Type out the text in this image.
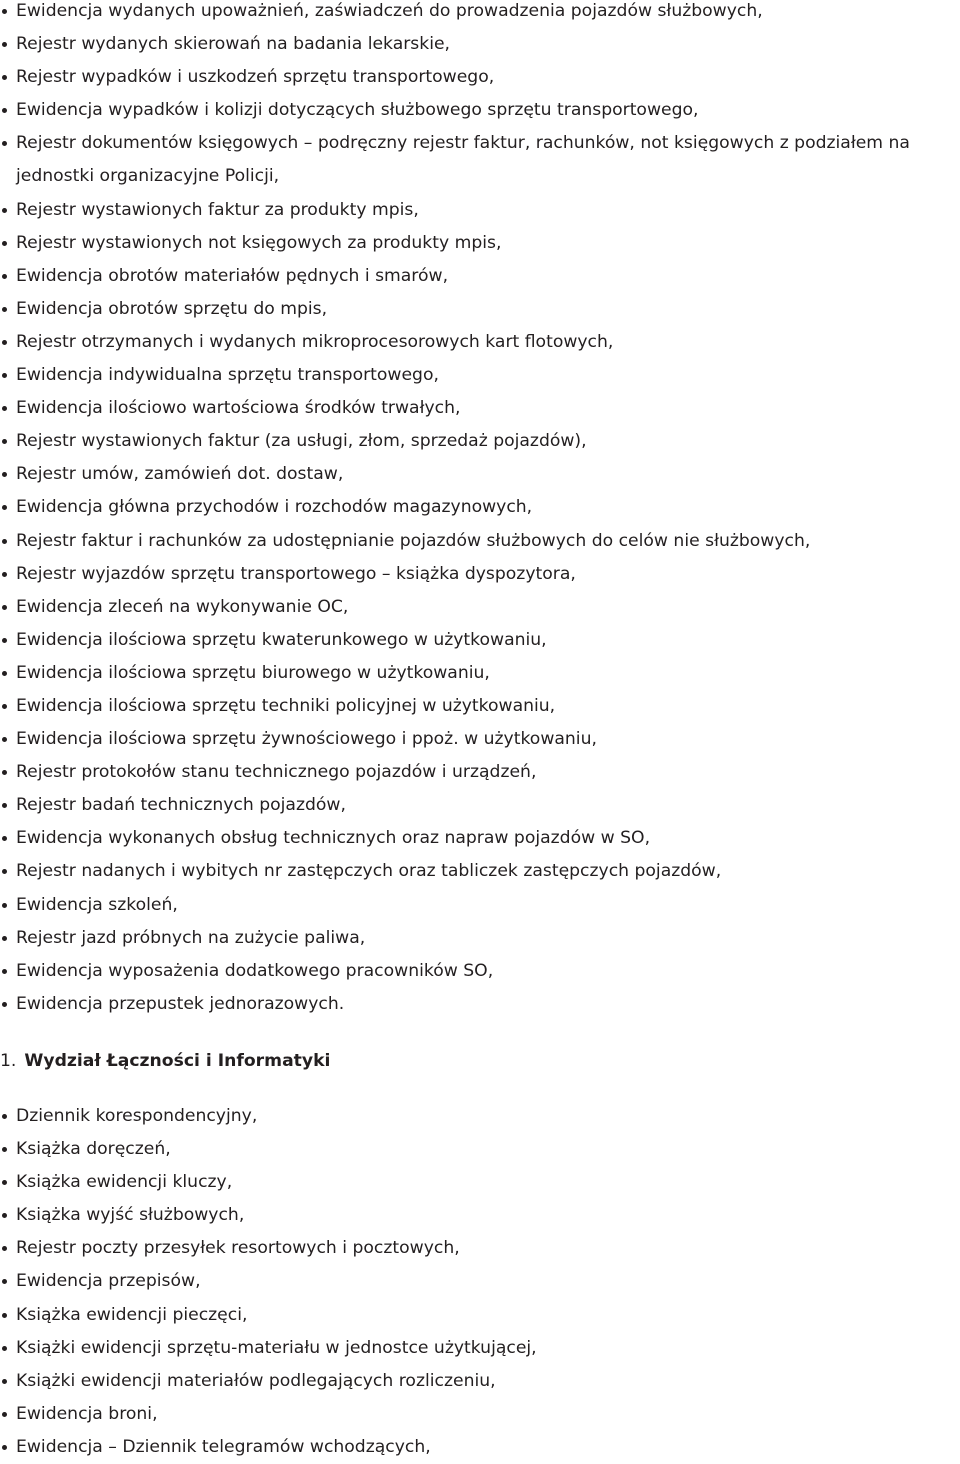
Ewidencja wydanych upoważnień, zaświadczeń do prowadzenia pojazdów służbowych,
Rejestr wydanych skierowań na badania lekarskie,
Rejestr wypadków i uszkodzeń sprzętu transportowego,
Ewidencja wypadków i kolizji dotyczących służbowego sprzętu transportowego,
Rejestr dokumentów księgowych – podręczny rejestr faktur, rachunków, not księgowych z podziałem na jednostki organizacyjne Policji,
Rejestr wystawionych faktur za produkty mpis,
Rejestr wystawionych not księgowych za produkty mpis,
Ewidencja obrotów materiałów pędnych i smarów,
Ewidencja obrotów sprzętu do mpis,
Rejestr otrzymanych i wydanych mikroprocesorowych kart flotowych,
Ewidencja indywidualna sprzętu transportowego,
Ewidencja ilościowo wartościowa środków trwałych,
Rejestr wystawionych faktur (za usługi, złom, sprzedaż pojazdów),
Rejestr umów, zamówień dot. dostaw,
Ewidencja główna przychodów i rozchodów magazynowych,
Rejestr faktur i rachunków za udostępnianie pojazdów służbowych do celów nie służbowych,
Rejestr wyjazdów sprzętu transportowego – książka dyspozytora,
Ewidencja zleceń na wykonywanie OC,
Ewidencja ilościowa sprzętu kwaterunkowego w użytkowaniu,
Ewidencja ilościowa sprzętu biurowego w użytkowaniu,
Ewidencja ilościowa sprzętu techniki policyjnej w użytkowaniu,
Ewidencja ilościowa sprzętu żywnościowego i ppoż. w użytkowaniu,
Rejestr protokołów stanu technicznego pojazdów i urządzeń,
Rejestr badań technicznych pojazdów,
Ewidencja wykonanych obsług technicznych oraz napraw pojazdów w SO,
Rejestr nadanych i wybitych nr zastępczych oraz tabliczek zastępczych pojazdów,
Ewidencja szkoleń,
Rejestr jazd próbnych na zużycie paliwa,
Ewidencja wyposażenia dodatkowego pracowników SO,
Ewidencja przepustek jednorazowych.
1. Wydział Łączności i Informatyki
Dziennik korespondencyjny,
Książka doręczeń,
Książka ewidencji kluczy,
Książka wyjść służbowych,
Rejestr poczty przesyłek resortowych i pocztowych,
Ewidencja przepisów,
Książka ewidencji pieczęci,
Książki ewidencji sprzętu-materiału w jednostce użytkującej,
Książki ewidencji materiałów podlegających rozliczeniu,
Ewidencja broni,
Ewidencja – Dziennik telegramów wchodzących,
